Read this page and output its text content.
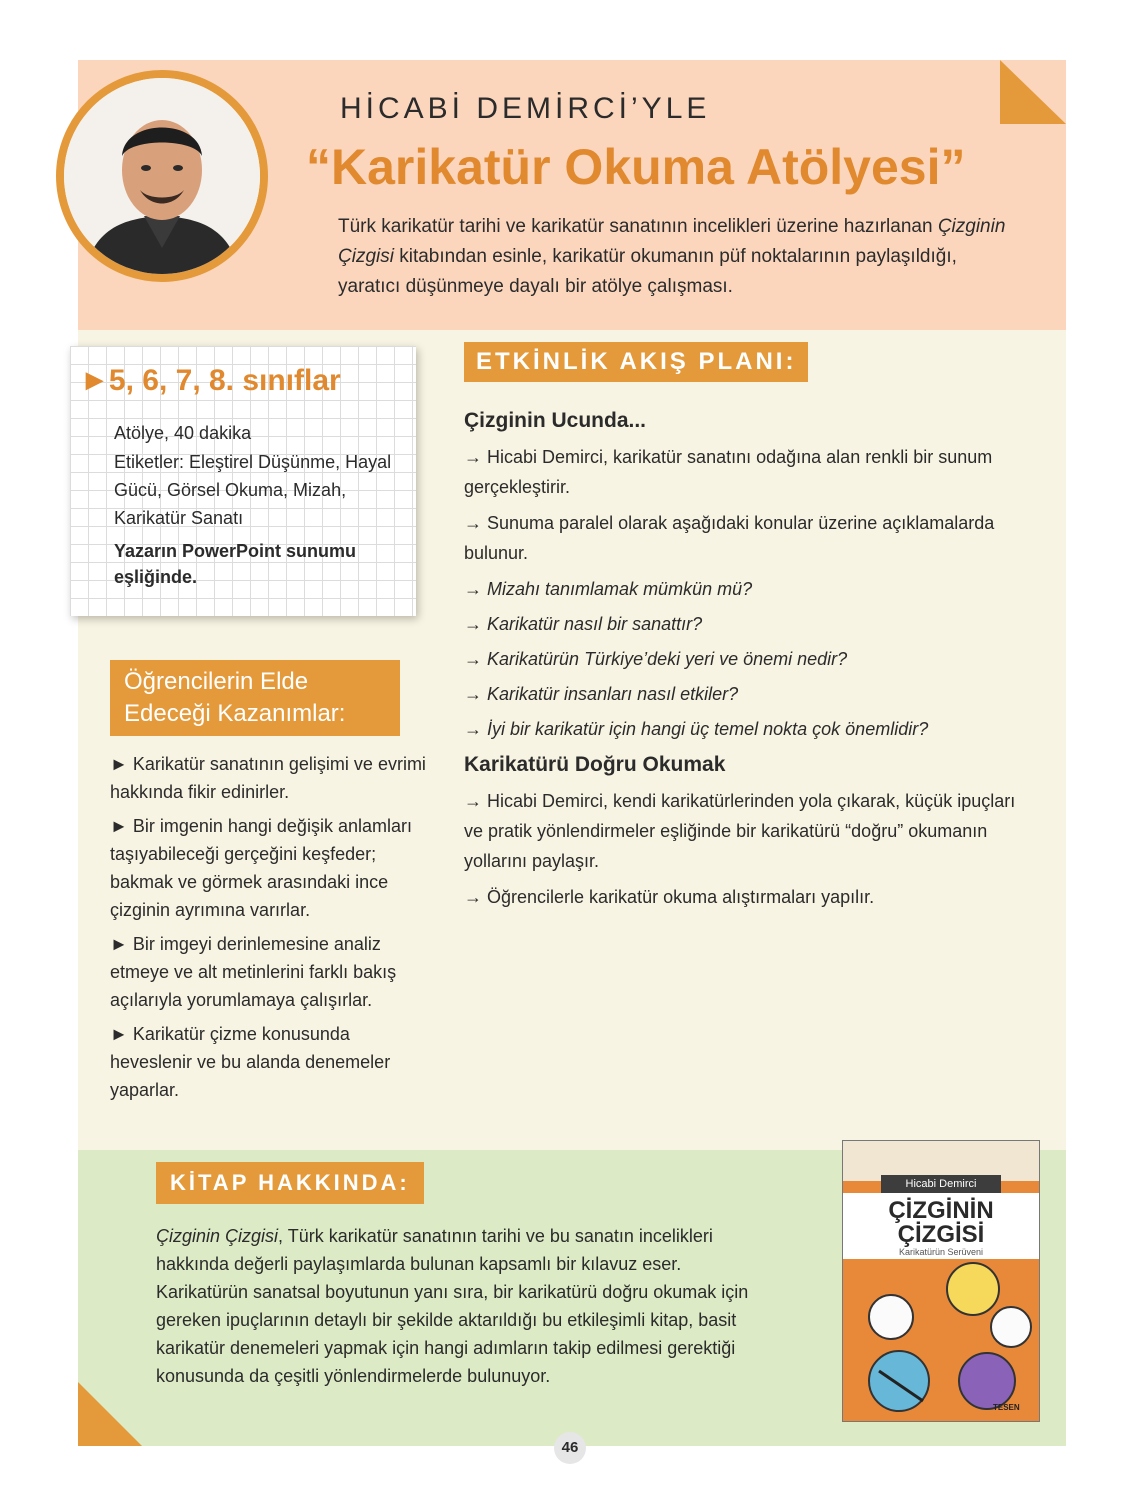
HİCABİ DEMİRCİ’YLE
“Karikatür Okuma Atölyesi”
Türk karikatür tarihi ve karikatür sanatının incelikleri üzerine hazırlanan Çizginin Çizgisi kitabından esinle, karikatür okumanın püf noktalarının paylaşıldığı, yaratıcı düşünmeye dayalı bir atölye çalışması.
▶ 5, 6, 7, 8. sınıflar
Atölye, 40 dakika
Etiketler: Eleştirel Düşünme, Hayal Gücü, Görsel Okuma, Mizah, Karikatür Sanatı
Yazarın PowerPoint sunumu eşliğinde.
ETKİNLİK AKIŞ PLANI:
Çizginin Ucunda...

→ Hicabi Demirci, karikatür sanatını odağına alan renkli bir sunum gerçekleştirir.

→ Sunuma paralel olarak aşağıdaki konular üzerine açıklamalarda bulunur.

→ Mizahı tanımlamak mümkün mü?

→ Karikatür nasıl bir sanattır?

→ Karikatürün Türkiye’deki yeri ve önemi nedir?

→ Karikatür insanları nasıl etkiler?

→ İyi bir karikatür için hangi üç temel nokta çok önemlidir?

Karikatürü Doğru Okumak

→ Hicabi Demirci, kendi karikatürlerinden yola çıkarak, küçük ipuçları ve pratik yönlendirmeler eşliğinde bir karikatürü “doğru” okumanın yollarını paylaşır.

→ Öğrencilerle karikatür okuma alıştırmaları yapılır.

Öğrencilerin Elde Edeceği Kazanımlar:

► Karikatür sanatının gelişimi ve evrimi hakkında fikir edinirler.

► Bir imgenin hangi değişik anlamları taşıyabileceği gerçeğini keşfeder; bakmak ve görmek arasındaki ince çizginin ayrımına varırlar.

► Bir imgeyi derinlemesine analiz etmeye ve alt metinlerini farklı bakış açılarıyla yorumlamaya çalışırlar.

► Karikatür çizme konusunda heveslenir ve bu alanda denemeler yaparlar.

KİTAP HAKKINDA:
Çizginin Çizgisi, Türk karikatür sanatının tarihi ve bu sanatın incelikleri hakkında değerli paylaşımlarda bulunan kapsamlı bir kılavuz eser. Karikatürün sanatsal boyutunun yanı sıra, bir karikatürü doğru okumak için gereken ipuçlarının detaylı bir şekilde aktarıldığı bu etkileşimli kitap, basit karikatür denemeleri yapmak için hangi adımların takip edilmesi gerektiği konusunda da çeşitli yönlendirmelerde bulunuyor.
Hicabi Demirci
ÇİZGİNİN
ÇİZGİSİ
Karikatürün Serüveni
TESEN
46
